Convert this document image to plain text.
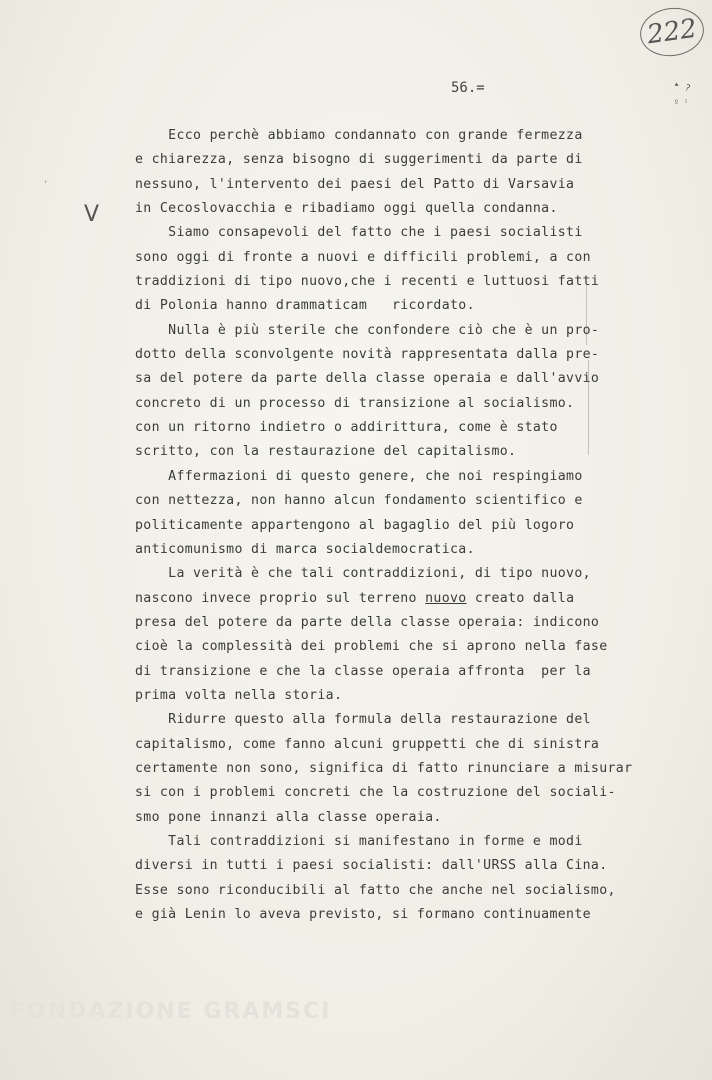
222
56.=	▸ ?
º ¹
V
'
Ecco perchè abbiamo condannato con grande fermezza
e chiarezza, senza bisogno di suggerimenti da parte di
nessuno, l'intervento dei paesi del Patto di Varsavia
in Cecoslovacchia e ribadiamo oggi quella condanna.
Siamo consapevoli del fatto che i paesi socialisti
sono oggi di fronte a nuovi e difficili problemi, a con
traddizioni di tipo nuovo,che i recenti e luttuosi fatti
di Polonia hanno drammaticam   ricordato.
Nulla è più sterile che confondere ciò che è un pro-
dotto della sconvolgente novità rappresentata dalla pre-
sa del potere da parte della classe operaia e dall'avvio
concreto di un processo di transizione al socialismo.
con un ritorno indietro o addirittura, come è stato
scritto, con la restaurazione del capitalismo.
Affermazioni di questo genere, che noi respingiamo
con nettezza, non hanno alcun fondamento scientifico e
politicamente appartengono al bagaglio del più logoro
anticomunismo di marca socialdemocratica.
La verità è che tali contraddizioni, di tipo nuovo,
nascono invece proprio sul terreno nuovo creato dalla
presa del potere da parte della classe operaia: indicono
cioè la complessità dei problemi che si aprono nella fase
di transizione e che la classe operaia affronta  per la
prima volta nella storia.
Ridurre questo alla formula della restaurazione del
capitalismo, come fanno alcuni gruppetti che di sinistra
certamente non sono, significa di fatto rinunciare a misurar
si con i problemi concreti che la costruzione del sociali-
smo pone innanzi alla classe operaia.
Tali contraddizioni si manifestano in forme e modi
diversi in tutti i paesi socialisti: dall'URSS alla Cina.
Esse sono riconducibili al fatto che anche nel socialismo,
e già Lenin lo aveva previsto, si formano continuamente
FONDAZIONE GRAMSCI
